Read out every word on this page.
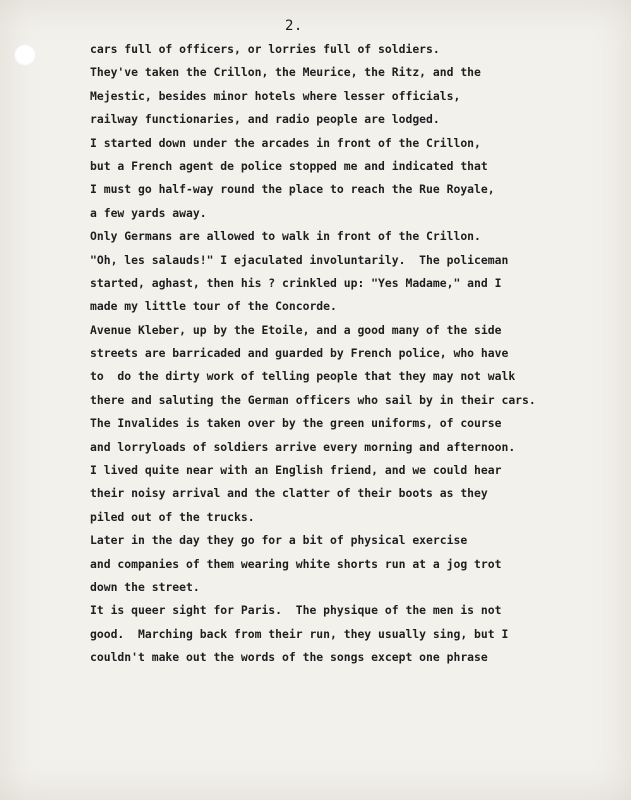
2.
cars full of officers, or lorries full of soldiers.
They've taken the Crillon, the Meurice, the Ritz, and the
Mejestic, besides minor hotels where lesser officials,
railway functionaries, and radio people are lodged.
I started down under the arcades in front of the Crillon,
but a French agent de police stopped me and indicated that
I must go half-way round the place to reach the Rue Royale,
a few yards away.
Only Germans are allowed to walk in front of the Crillon.
"Oh, les salauds!" I ejaculated involuntarily.  The policeman
started, aghast, then his ? crinkled up: "Yes Madame," and I
made my little tour of the Concorde.
Avenue Kleber, up by the Etoile, and a good many of the side
streets are barricaded and guarded by French police, who have
to  do the dirty work of telling people that they may not walk
there and saluting the German officers who sail by in their cars.
The Invalides is taken over by the green uniforms, of course
and lorryloads of soldiers arrive every morning and afternoon.
I lived quite near with an English friend, and we could hear
their noisy arrival and the clatter of their boots as they
piled out of the trucks.
Later in the day they go for a bit of physical exercise
and companies of them wearing white shorts run at a jog trot
down the street.
It is queer sight for Paris.  The physique of the men is not
good.  Marching back from their run, they usually sing, but I
couldn't make out the words of the songs except one phrase
